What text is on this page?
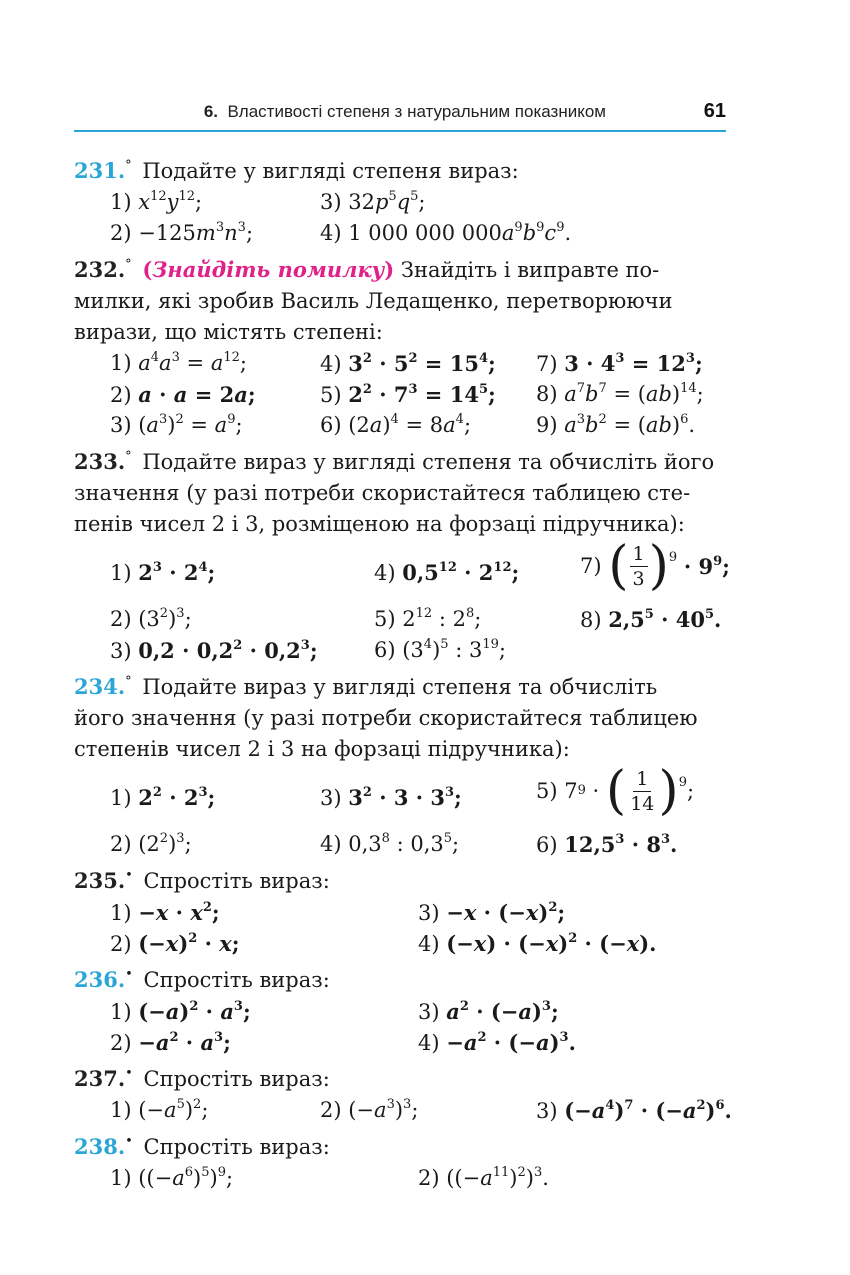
6. Властивості степеня з натуральним показником	61
231.° Подайте у вигляді степеня вираз:
1) $x^{12}y^{12}$;	3) $32p^5q^5$;
$2) -125m^3n^3$;	4) 1 000 000 $000a^9b^9c^9$.
232.° (Знайдіть помилку) Знайдіть і виправте по-
милки, які зробив Василь Ледащенко, перетворюючи
вирази, що містять степені:
1) $a^4a^3 = a^{12}$;	4) $3^2 \cdot 5^2 = 15^4$; 7) $3 \cdot 4^3 = 12^3$;
2) a · a = 2a;	5) $2^2 \cdot 7^3 = 14^5$; 8) $a^7b^7 = (ab)^{14}$;
3) $(a^3)^2 = a^9$;	6) $(2a)^4 = 8a^4$;	9) $a^3b^2 = (ab)^6$.
233.° Подайте вираз у вигляді степеня та обчисліть його
значення (у разі потреби скористайтеся таблицею сте-
пенів чисел 2 і 3, розміщеною на форзаці підручника):
1) $2^3 \cdot 2^4$;	4) $0,5^{12} \cdot 2^{12}$;	7) ( $\frac{1}{3}$ ) 9
· $9^9$;
2) $(3^2)^3$;	5) $2^{12}$ : $2^8$;	8) $2,5^5 \cdot 40^5$.
3) $0,2 \cdot 0,2^2 \cdot 0,2^3$;	6) $(3^4)^5$ : $3^{19}$;
234.° Подайте вираз у вигляді степеня та обчисліть
його значення (у разі потреби скористайтеся таблицею
степенів чисел 2 і 3 на форзаці підручника):
1) $2^2 \cdot 2^3$;	3) $3^2 \cdot 3 \cdot 3^3$;	5) 7 9 · ( $\frac{1}{14}$ ) 9 ;
2) $(2^2)^3$;	4) $0,3^8$ : $0,3^5$;	6) $12,5^3 \cdot 8^3$.
235.• Спростіть вираз:
$1) -x \cdot x^2$;	$3) -x \cdot (-x)^2$;
2) $(-x)^2 \cdot x$;	4) $(-x) \cdot (-x)^2 \cdot (-x)$.
236.• Спростіть вираз:
1) $(-a)^2 \cdot a^3$;	3) $a^2 \cdot (-a)^3$;
$2) -a^2 \cdot a^3$;	$4) -a^2 \cdot (-a)^3$.
237.• Спростіть вираз:
1) $(-a^5)^2$;	2) $(-a^3)^3$;	3) $(-a^4)^7 \cdot (-a^2)^6$.
238.• Спростіть вираз:
1) $((-a^6)^5)^9$;	2) $((-a^{11})^2)^3$.
